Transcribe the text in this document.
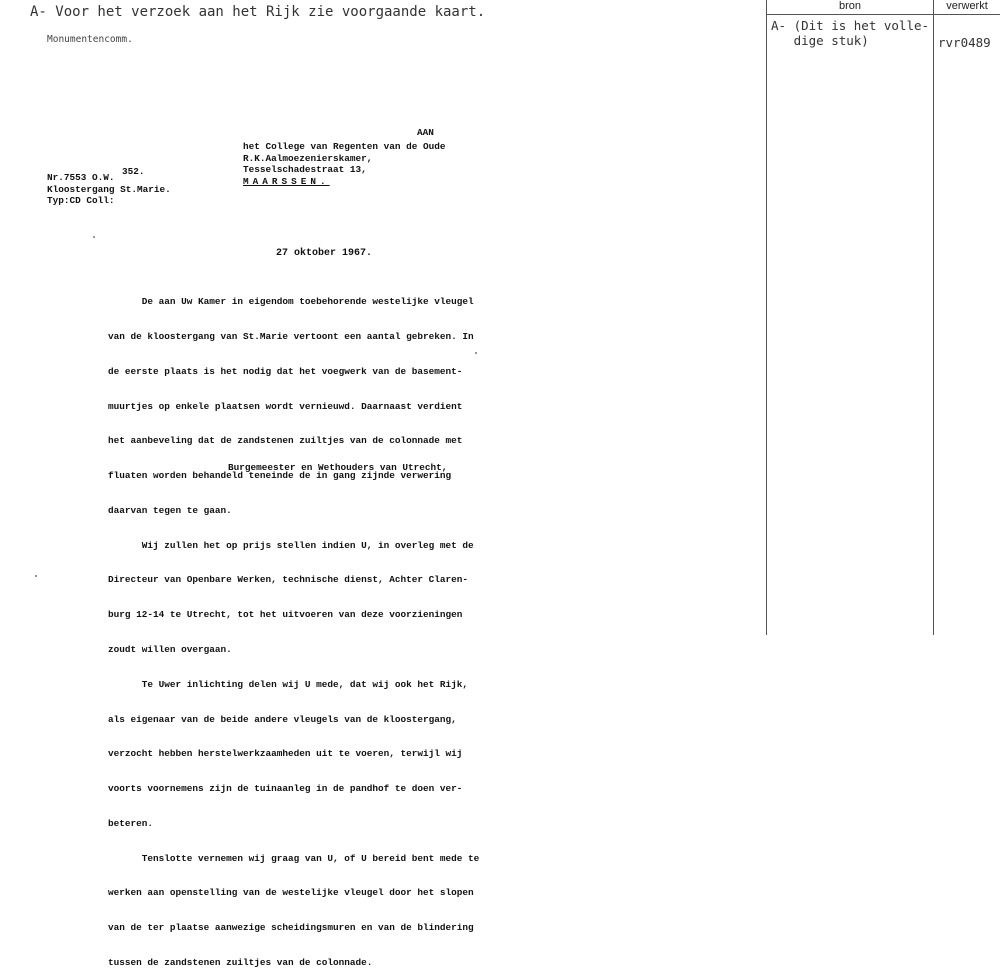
A- Voor het verzoek aan het Rijk zie voorgaande kaart.
Monumentencomm.
AAN
het College van Regenten van de Oude
R.K.Aalmoezenierskamer,
Tesselschadestraat 13,
MAARSSEN.
352.
Nr.7553 O.W.
Kloostergang St.Marie.
Typ:CD Coll:
27 oktober 1967.

De aan Uw Kamer in eigendom toebehorende westelijke vleugel

van de kloostergang van St.Marie vertoont een aantal gebreken. In

de eerste plaats is het nodig dat het voegwerk van de basement-

muurtjes op enkele plaatsen wordt vernieuwd. Daarnaast verdient

het aanbeveling dat de zandstenen zuiltjes van de colonnade met

fluaten worden behandeld teneinde de in gang zijnde verwering

daarvan tegen te gaan.

Wij zullen het op prijs stellen indien U, in overleg met de

Directeur van Openbare Werken, technische dienst, Achter Claren-

burg 12-14 te Utrecht, tot het uitvoeren van deze voorzieningen

zoudt willen overgaan.

Te Uwer inlichting delen wij U mede, dat wij ook het Rijk,

als eigenaar van de beide andere vleugels van de kloostergang,

verzocht hebben herstelwerkzaamheden uit te voeren, terwijl wij

voorts voornemens zijn de tuinaanleg in de pandhof te doen ver-

beteren.

Tenslotte vernemen wij graag van U, of U bereid bent mede te

werken aan openstelling van de westelijke vleugel door het slopen

van de ter plaatse aanwezige scheidingsmuren en van de blindering

tussen de zandstenen zuiltjes van de colonnade.

Burgemeester en Wethouders van Utrecht,
bron	verwerkt
A- (Dit is het volle-
dige stuk)	rvr0489
